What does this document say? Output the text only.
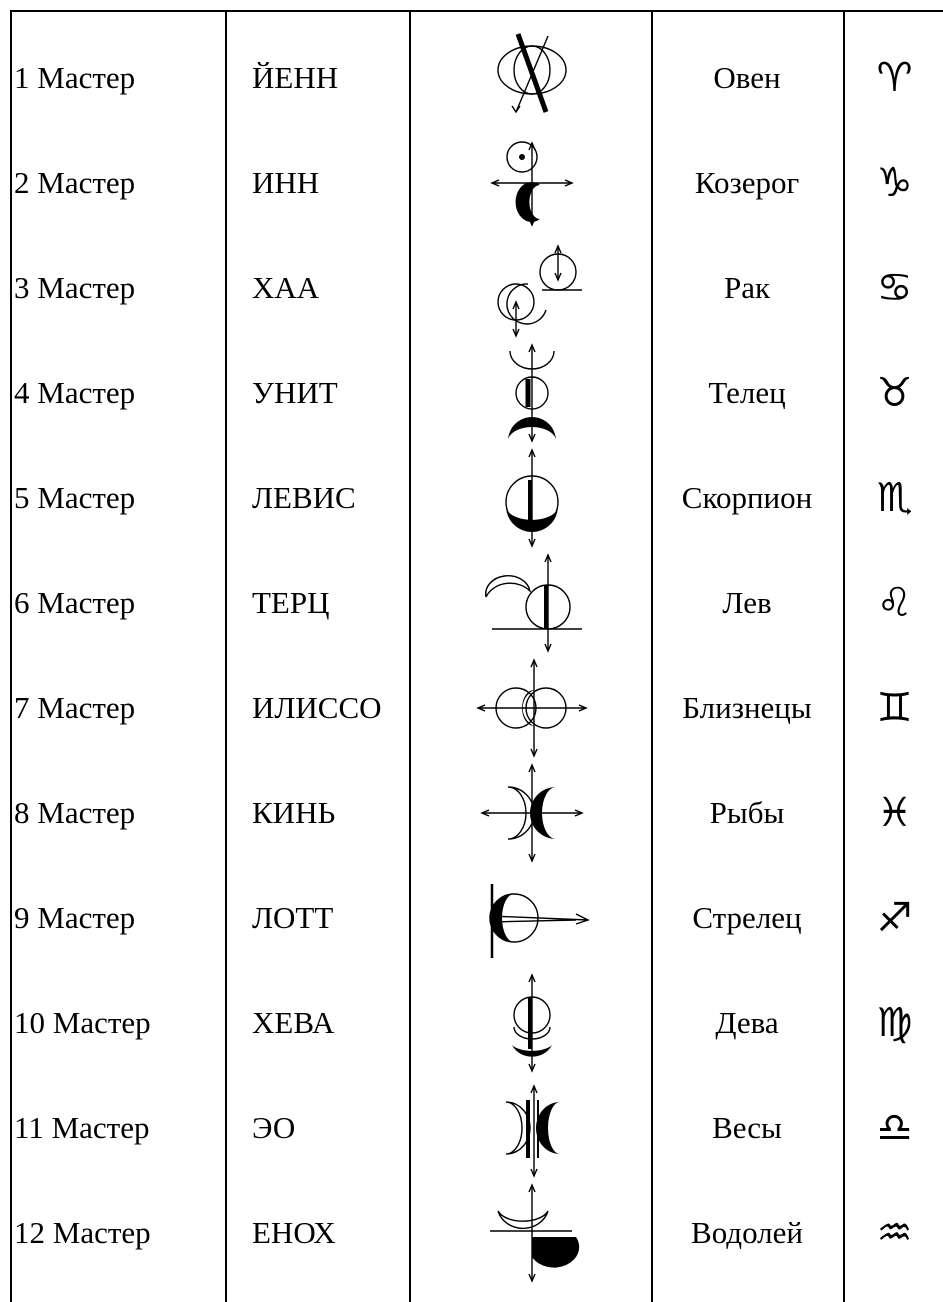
1 Мастер	ЙЕНН	Овен	♈︎
2 Мастер	ИНН	Козерог	♑︎
3 Мастер	ХАА	Рак	♋︎
4 Мастер	УНИТ	Телец	♉︎
5 Мастер	ЛЕВИС	Скорпион	♏︎
6 Мастер	ТЕРЦ	Лев	♌︎
7 Мастер	ИЛИССО	Близнецы	♊︎
8 Мастер	КИНЬ	Рыбы	♓︎
9 Мастер	ЛОТТ	Стрелец	♐︎
10 Мастер	ХЕВА	Дева	♍︎
11 Мастер	ЭО	Весы	♎︎
12 Мастер	ЕНОХ	Водолей	♒︎
